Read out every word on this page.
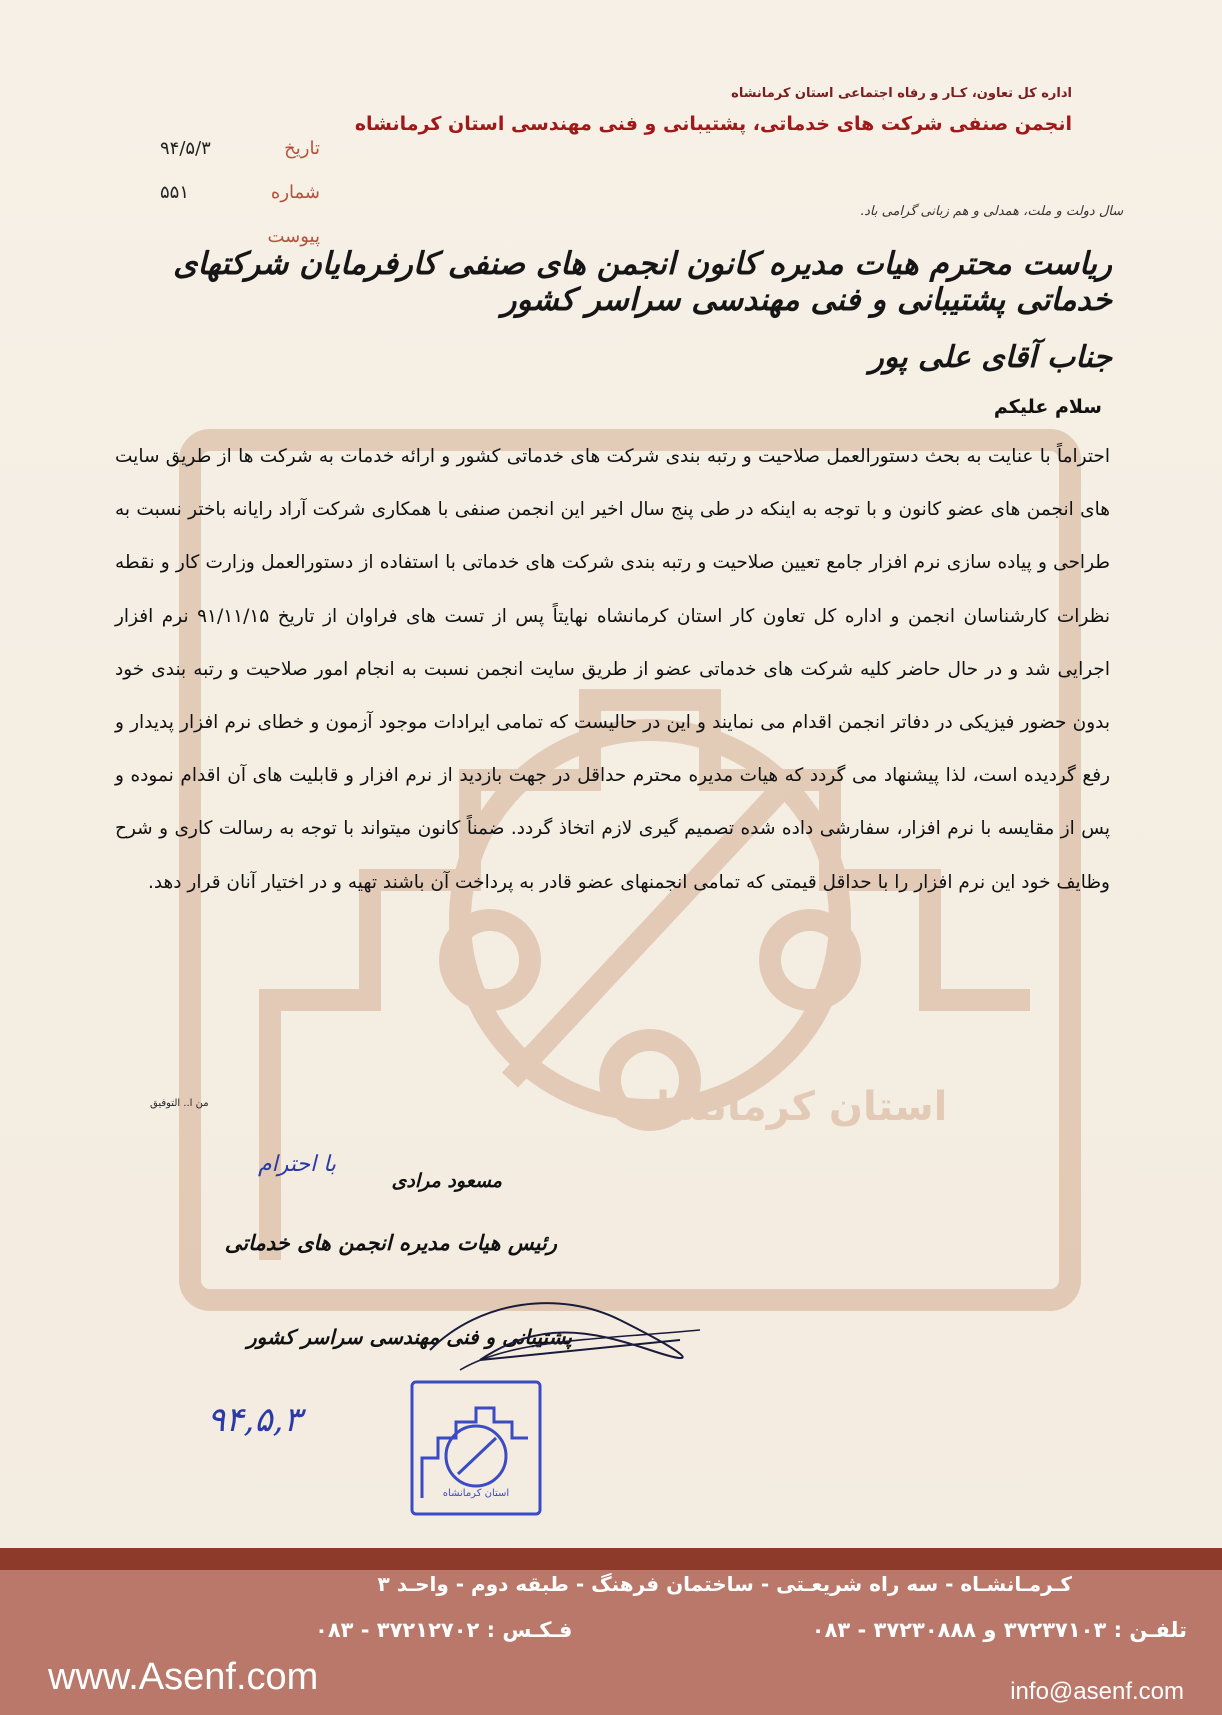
استان کرمانشاه
اداره کل تعاون، کـار و رفاه اجتماعی استان کرمانشاه
انجمن صنفی شرکت های خدماتی، پشتیبانی و فنی مهندسی استان کرمانشاه
تاریخ
۹۴/۵/۳
شماره
۵۵۱
پیوست
سال دولت و ملت، همدلی و هم زبانی گرامی باد.
ریاست محترم هیات مدیره کانون انجمن های صنفی کارفرمایان شرکتهای خدماتی پشتیبانی و فنی مهندسی سراسر کشور
جناب آقای علی پور
سلام علیکم
احتراماً با عنایت به بحث دستورالعمل صلاحیت و رتبه بندی شرکت های خدماتی کشور و ارائه خدمات به شرکت ها از طریق سایت های انجمن های عضو کانون و با توجه به اینکه در طی پنج سال اخیر این انجمن صنفی با همکاری شرکت آراد رایانه باختر نسبت به طراحی و پیاده سازی نرم افزار جامع تعیین صلاحیت و رتبه بندی شرکت های خدماتی با استفاده از دستورالعمل وزارت کار و نقطه نظرات کارشناسان انجمن و اداره کل تعاون کار استان کرمانشاه نهایتاً پس از تست های فراوان از تاریخ ۹۱/۱۱/۱۵ نرم افزار اجرایی شد و در حال حاضر کلیه شرکت های خدماتی عضو از طریق سایت انجمن نسبت به انجام امور صلاحیت و رتبه بندی خود بدون حضور فیزیکی در دفاتر انجمن اقدام می نمایند و این در حالیست که تمامی ایرادات موجود آزمون و خطای نرم افزار پدیدار و رفع گردیده است، لذا پیشنهاد می گردد که هیات مدیره محترم حداقل در جهت بازدید از نرم افزار و قابلیت های آن اقدام نموده و پس از مقایسه با نرم افزار، سفارشی داده شده تصمیم گیری لازم اتخاذ گردد. ضمناً کانون میتواند با توجه به رسالت کاری و شرح وظایف خود این نرم افزار را با حداقل قیمتی که تمامی انجمنهای عضو قادر به پرداخت آن باشند تهیه و در اختیار آنان قرار دهد.
من ا.. التوفیق
با احترام
مسعود مرادی
رئیس هیات مدیره انجمن های خدماتی
پشتیبانی و فنی مهندسی سراسر کشور
۹۴,۵,۳
استان کرمانشاه
کـرمـانشـاه - سه راه شریعـتی - ساختمان فرهنگ - طبقه دوم - واحـد ۳
تلفـن : ۳۷۲۳۷۱۰۳ و ۳۷۲۳۰۸۸۸ - ۰۸۳
فـکـس : ۳۷۲۱۲۷۰۲ - ۰۸۳
www.Asenf.com	info@asenf.com
